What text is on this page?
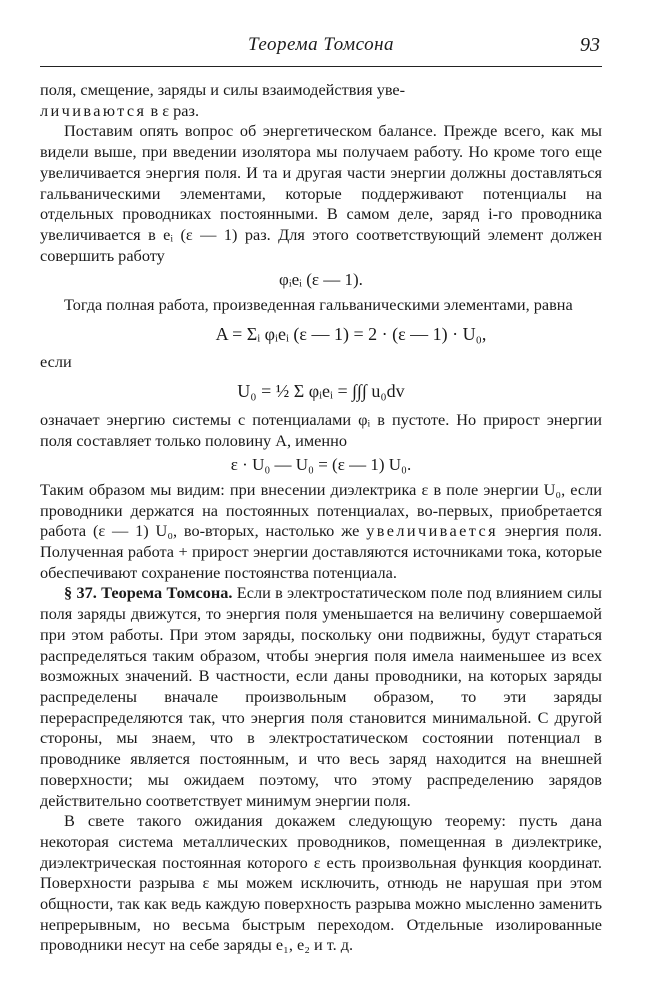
Теорема Томсона	93

поля, смещение, заряды и силы взаимодействия уве-

личиваются в ε раз.

Поставим опять вопрос об энергетическом балансе. Прежде всего, как мы видели выше, при введении изолятора мы получаем работу. Но кроме того еще увеличивается энергия поля. И та и другая части энергии должны доставляться гальваническими элементами, которые поддерживают потенциалы на отдельных проводниках постоянными. В самом деле, заряд i-го проводника увеличивается в eᵢ (ε — 1) раз. Для этого соответствующий элемент должен совершить работу

φᵢeᵢ (ε — 1).

Тогда полная работа, произведенная гальваническими элементами, равна

A = Σᵢ φᵢeᵢ (ε — 1) = 2 · (ε — 1) · U₀,

если

U₀ = ½ Σ φᵢeᵢ = ∫∫∫ u₀dv

означает энергию системы с потенциалами φᵢ в пустоте. Но прирост энергии поля составляет только половину A, именно

ε · U₀ — U₀ = (ε — 1) U₀.

Таким образом мы видим: при внесении диэлектрика ε в поле энергии U₀, если проводники держатся на постоянных потенциалах, во-первых, приобретается работа (ε — 1) U₀, во-вторых, настолько же увеличивается энергия поля. Полученная работа + прирост энергии доставляются источниками тока, которые обеспечивают сохранение постоянства потенциала.

§ 37. Теорема Томсона. Если в электростатическом поле под влиянием силы поля заряды движутся, то энергия поля уменьшается на величину совершаемой при этом работы. При этом заряды, поскольку они подвижны, будут стараться распределяться таким образом, чтобы энергия поля имела наименьшее из всех возможных значений. В частности, если даны проводники, на которых заряды распределены вначале произвольным образом, то эти заряды перераспределяются так, что энергия поля становится минимальной. С другой стороны, мы знаем, что в электростатическом состоянии потенциал в проводнике является постоянным, и что весь заряд находится на внешней поверхности; мы ожидаем поэтому, что этому распределению зарядов действительно соответствует минимум энергии поля.

В свете такого ожидания докажем следующую теорему: пусть дана некоторая система металлических проводников, помещенная в диэлектрике, диэлектрическая постоянная которого ε есть произвольная функция координат. Поверхности разрыва ε мы можем исключить, отнюдь не нарушая при этом общности, так как ведь каждую поверхность разрыва можно мысленно заменить непрерывным, но весьма быстрым переходом. Отдельные изолированные проводники несут на себе заряды e₁, e₂ и т. д.
